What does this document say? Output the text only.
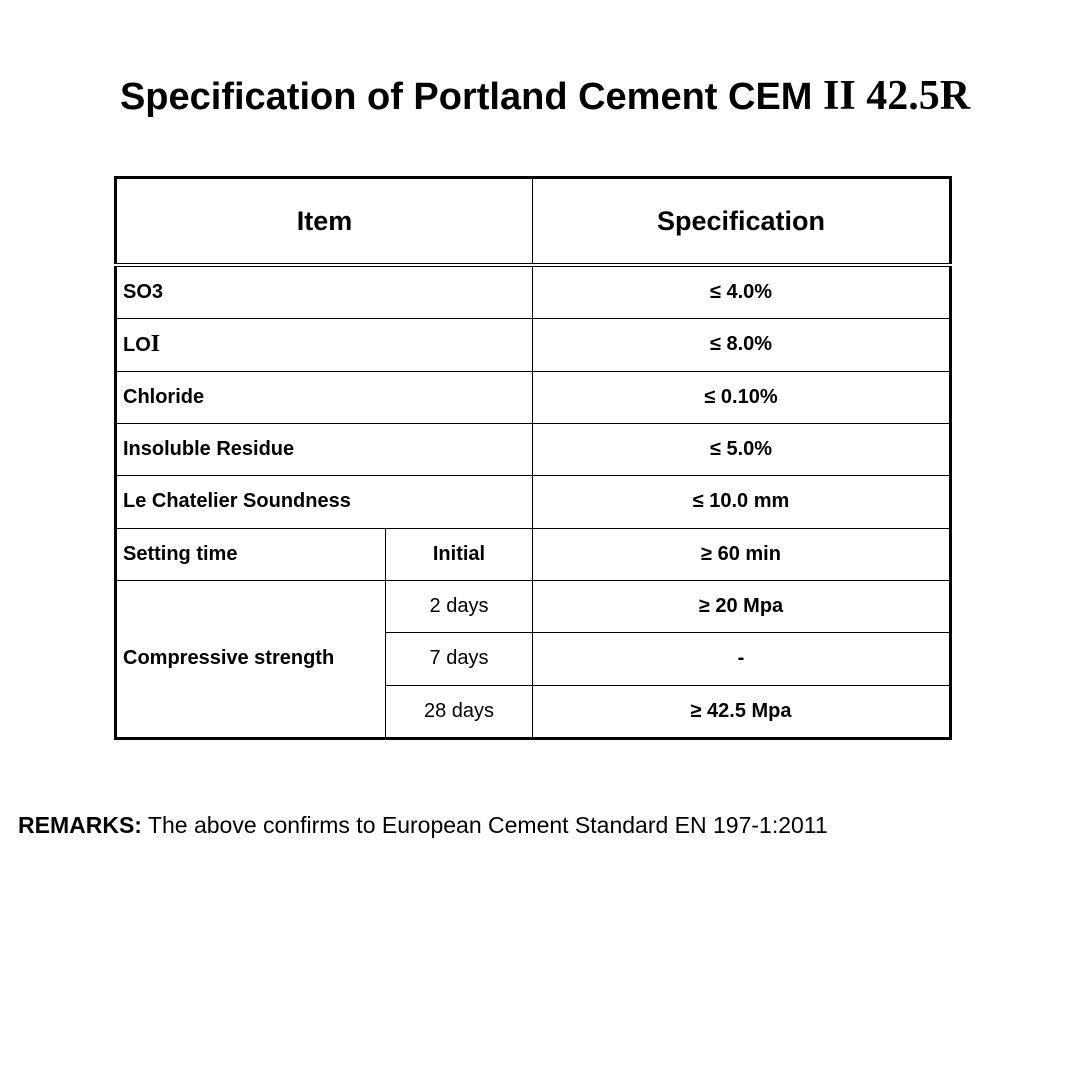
Specification of Portland Cement CEM II 42.5R
Item		Specification
SO3		≤ 4.0%
LOI		≤ 8.0%
Chloride		≤ 0.10%
Insoluble Residue		≤ 5.0%
Le Chatelier Soundness		≤ 10.0 mm
Setting time	Initial	≥ 60 min
Compressive strength	2 days	≥ 20 Mpa
	7 days	-
	28 days	≥ 42.5 Mpa
REMARKS: The above confirms to European Cement Standard EN 197-1:2011
